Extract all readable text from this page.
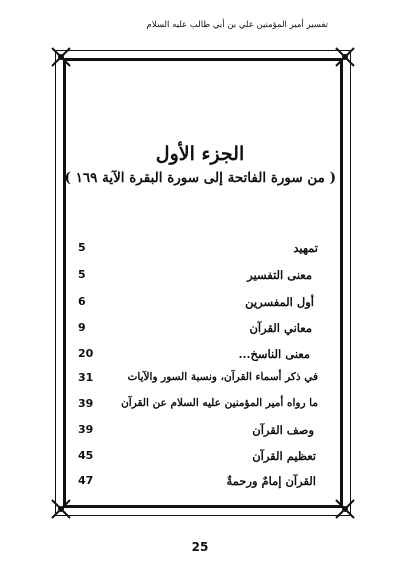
تفسير أمير المؤمنين علي بن أبي طالب عليه السلام
الجزء الأول
( من سورة الفاتحة إلى سورة البقرة الآية ١٦٩ )
تمهيد
5
معنى التفسير
5
أول المفسرين
6
معاني القرآن
9
معنى الناسخ...
20
في ذكر أسماء القرآن، ونسبة السور والآيات
31
ما رواه أمير المؤمنين عليه السلام عن القرآن
39
وصف القرآن
39
تعظيم القرآن
45
القرآن إمامٌ ورحمةٌ
47
25
